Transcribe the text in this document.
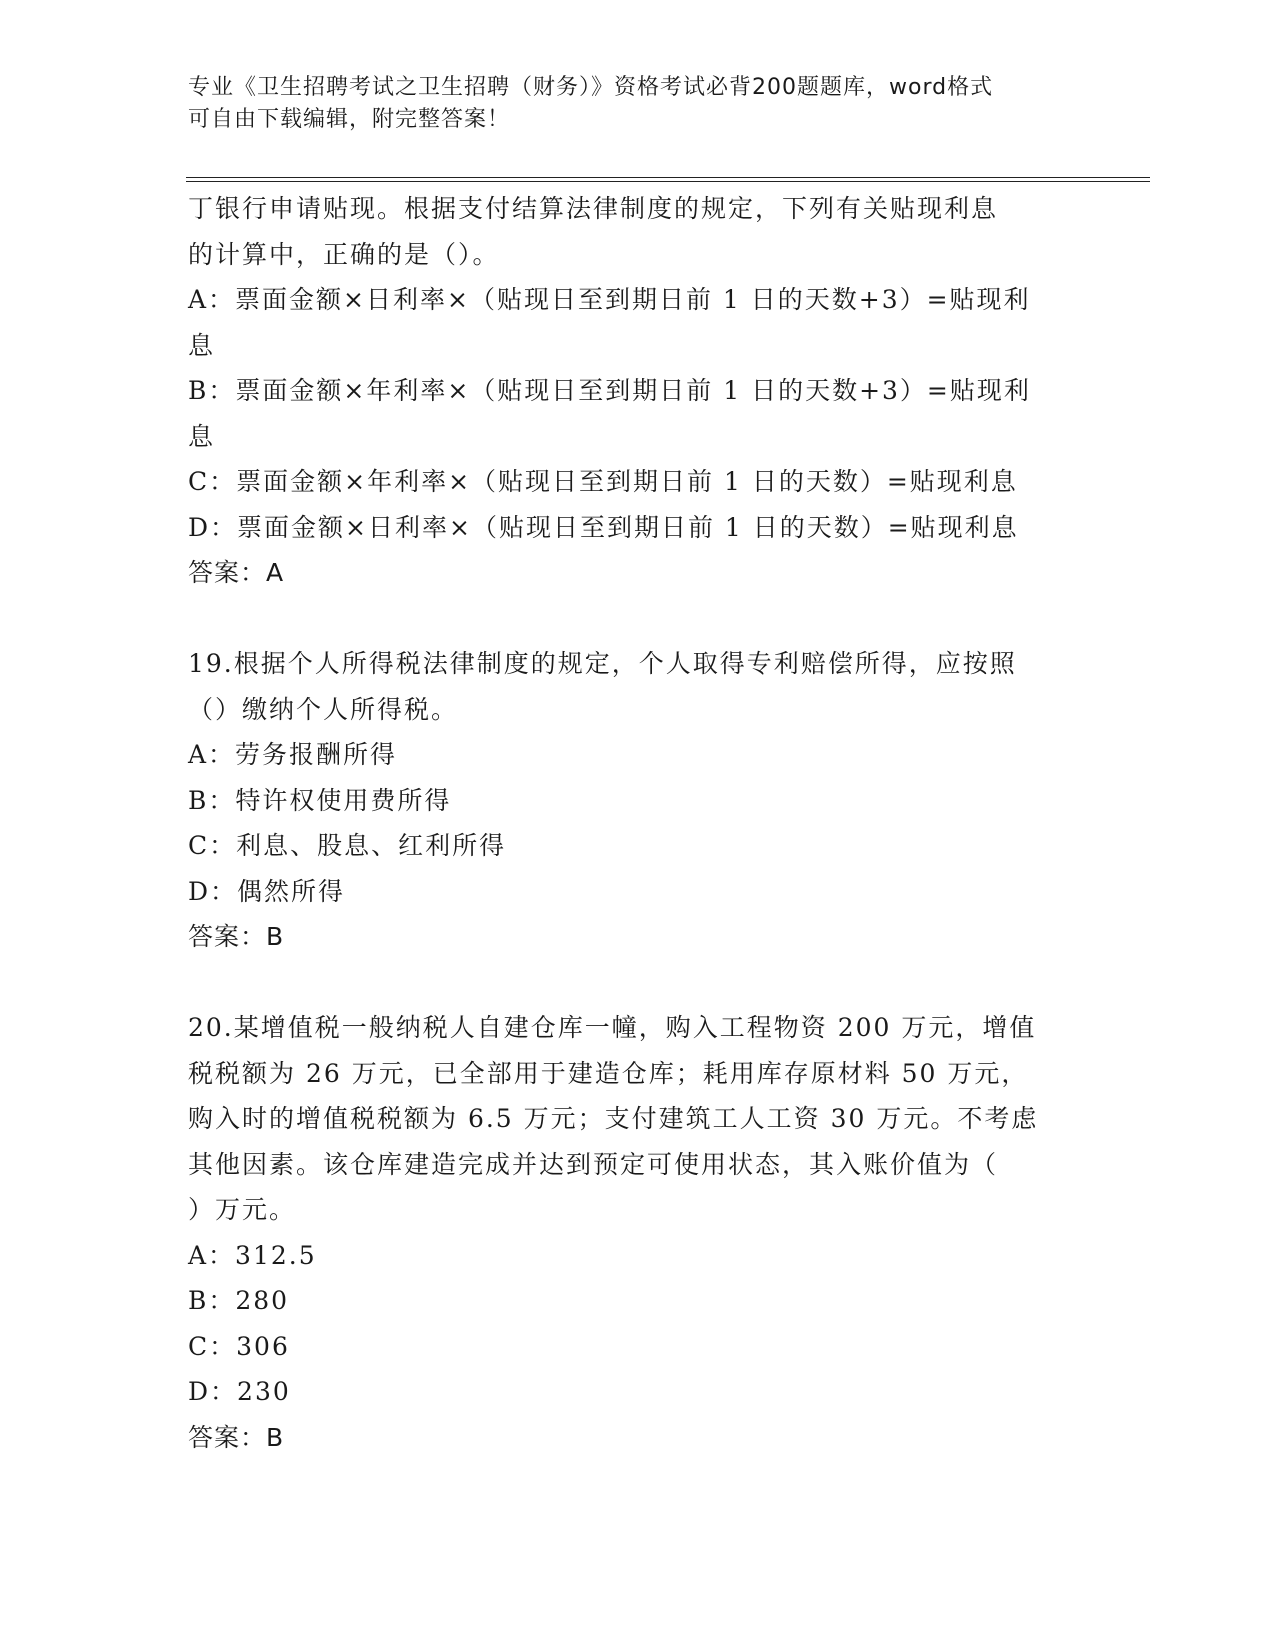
专业《卫生招聘考试之卫生招聘（财务）》资格考试必背200题题库，word格式
可自由下载编辑，附完整答案！
丁银行申请贴现。根据支付结算法律制度的规定，下列有关贴现利息
的计算中，正确的是（）。
A：票面金额×日利率×（贴现日至到期日前 1 日的天数+3）=贴现利
息
B：票面金额×年利率×（贴现日至到期日前 1 日的天数+3）=贴现利
息
C：票面金额×年利率×（贴现日至到期日前 1 日的天数）=贴现利息
D：票面金额×日利率×（贴现日至到期日前 1 日的天数）=贴现利息
答案：A
19.根据个人所得税法律制度的规定，个人取得专利赔偿所得，应按照
（）缴纳个人所得税。
A：劳务报酬所得
B：特许权使用费所得
C：利息、股息、红利所得
D：偶然所得
答案：B
20.某增值税一般纳税人自建仓库一幢，购入工程物资 200 万元，增值
税税额为 26 万元，已全部用于建造仓库；耗用库存原材料 50 万元，
购入时的增值税税额为 6.5 万元；支付建筑工人工资 30 万元。不考虑
其他因素。该仓库建造完成并达到预定可使用状态，其入账价值为（
）万元。
A：312.5
B：280
C：306
D：230
答案：B
